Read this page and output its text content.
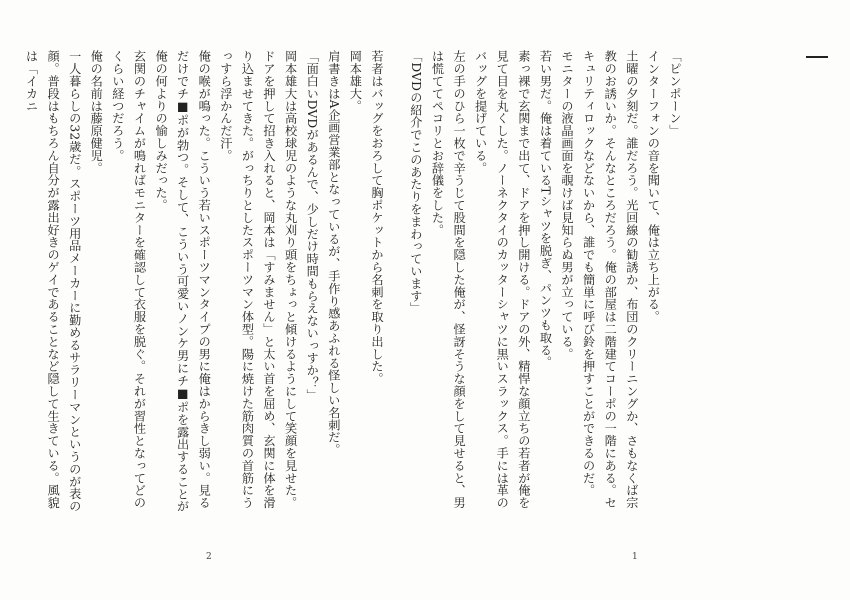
「ピンポーン」
インターフォンの音を聞いて、俺は立ち上がる。
土曜の夕刻だ。誰だろう。光回線の勧誘か、布団のクリーニングか、さもなくば宗教のお誘いか。そんなところだろう。俺の部屋は二階建てコーポの一階にある。セキュリティロックなどないから、誰でも簡単に呼び鈴を押すことができるのだ。
モニターの液晶画面を覗けば見知らぬ男が立っている。
若い男だ。俺は着ているTシャツを脱ぎ、パンツも取る。
素っ裸で玄関まで出て、ドアを押し開ける。ドアの外、精悍な顔立ちの若者が俺を見て目を丸くした。ノーネクタイのカッターシャツに黒いスラックス。手には革のバッグを提げている。
左の手のひら一枚で辛うじて股間を隠した俺が、怪訝そうな顔をして見せると、男は慌ててペコリとお辞儀をした。
「DVDの紹介でこのあたりをまわっています」
1
若者はバッグをおろして胸ポケットから名刺を取り出した。
岡本雄大。
肩書きはA企画営業部となっているが、手作り感あふれる怪しい名刺だ。
「面白いDVDがあるんで、少しだけ時間もらえないっすか？」
岡本雄大は高校球児のような丸刈り頭をちょっと傾けるようにして笑顔を見せた。
ドアを押して招き入れると、岡本は「すみません」と太い首を屈め、玄関に体を滑り込ませてきた。がっちりとしたスポーツマン体型。陽に焼けた筋肉質の首筋にうっすら浮かんだ汗。
俺の喉が鳴った。こういう若いスポーツマンタイプの男に俺はからきし弱い。見るだけでチ■ポが勃つ。そして、こういう可愛いノンケ男にチ■ポを露出することが俺の何よりの愉しみだった。
玄関のチャイムが鳴ればモニターを確認して衣服を脱ぐ。それが習性となってどのくらい経つだろう。
俺の名前は藤原健児。
一人暮らしの32歳だ。スポーツ用品メーカーに勤めるサラリーマンというのが表の顔。普段はもちろん自分が露出好きのゲイであることなど隠して生きている。風貌は「イカニ
2
